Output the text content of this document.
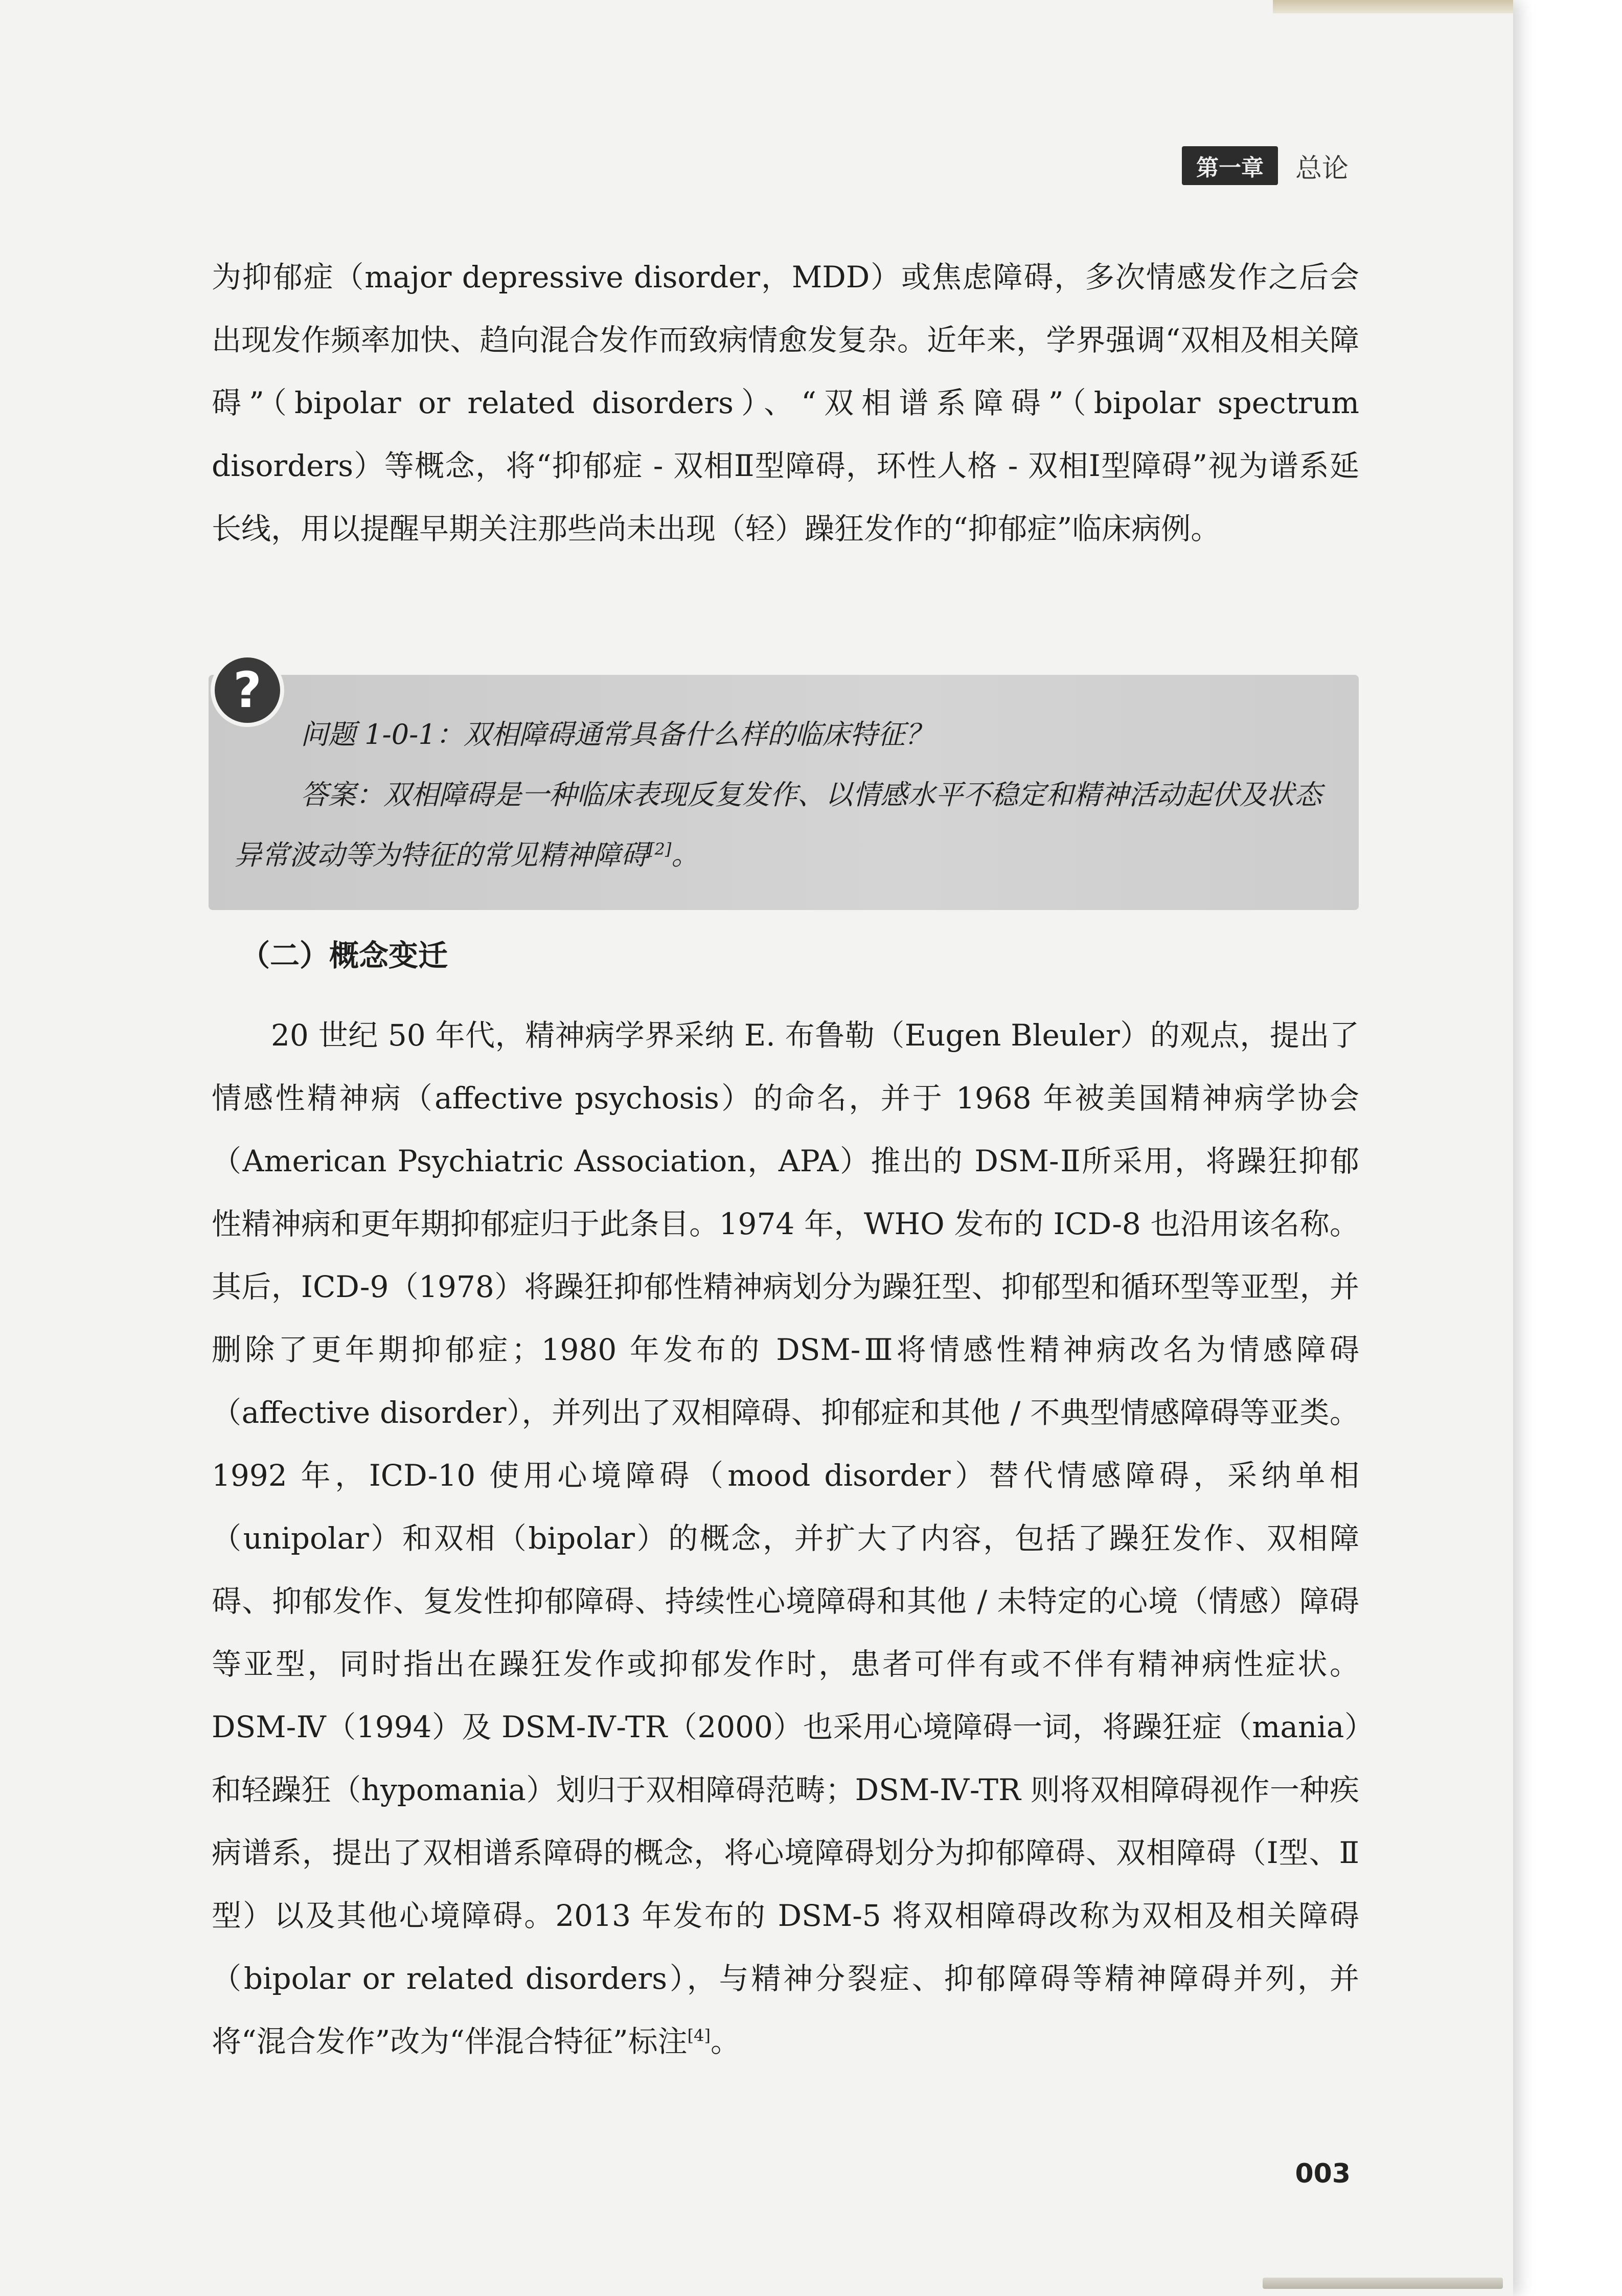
第一章	总论

为抑郁症（major depressive disorder，MDD）或焦虑障碍，多次情感发作之后会出现发作频率加快、趋向混合发作而致病情愈发复杂。近年来，学界强调“双相及相关障碍”（bipolar or related disorders）、“双相谱系障碍”（bipolar spectrum disorders）等概念，将“抑郁症 - 双相Ⅱ型障碍，环性人格 - 双相Ⅰ型障碍”视为谱系延长线，用以提醒早期关注那些尚未出现（轻）躁狂发作的“抑郁症”临床病例。

?

问题 1-0-1：双相障碍通常具备什么样的临床特征？
答案：双相障碍是一种临床表现反复发作、以情感水平不稳定和精神活动起伏及状态异常波动等为特征的常见精神障碍[2]。

（二）概念变迁

20 世纪 50 年代，精神病学界采纳 E. 布鲁勒（Eugen Bleuler）的观点，提出了情感性精神病（affective psychosis）的命名，并于 1968 年被美国精神病学协会（American Psychiatric Association，APA）推出的 DSM-Ⅱ所采用，将躁狂抑郁性精神病和更年期抑郁症归于此条目。1974 年，WHO 发布的 ICD-8 也沿用该名称。其后，ICD-9（1978）将躁狂抑郁性精神病划分为躁狂型、抑郁型和循环型等亚型，并删除了更年期抑郁症；1980 年发布的 DSM-Ⅲ将情感性精神病改名为情感障碍（affective disorder），并列出了双相障碍、抑郁症和其他 / 不典型情感障碍等亚类。1992 年，ICD-10 使用心境障碍（mood disorder）替代情感障碍，采纳单相（unipolar）和双相（bipolar）的概念，并扩大了内容，包括了躁狂发作、双相障碍、抑郁发作、复发性抑郁障碍、持续性心境障碍和其他 / 未特定的心境（情感）障碍等亚型，同时指出在躁狂发作或抑郁发作时，患者可伴有或不伴有精神病性症状。DSM-Ⅳ（1994）及 DSM-Ⅳ-TR（2000）也采用心境障碍一词，将躁狂症（mania）和轻躁狂（hypomania）划归于双相障碍范畴；DSM-Ⅳ-TR 则将双相障碍视作一种疾病谱系，提出了双相谱系障碍的概念，将心境障碍划分为抑郁障碍、双相障碍（Ⅰ型、Ⅱ型）以及其他心境障碍。2013 年发布的 DSM-5 将双相障碍改称为双相及相关障碍（bipolar or related disorders），与精神分裂症、抑郁障碍等精神障碍并列，并将“混合发作”改为“伴混合特征”标注[4]。

003
